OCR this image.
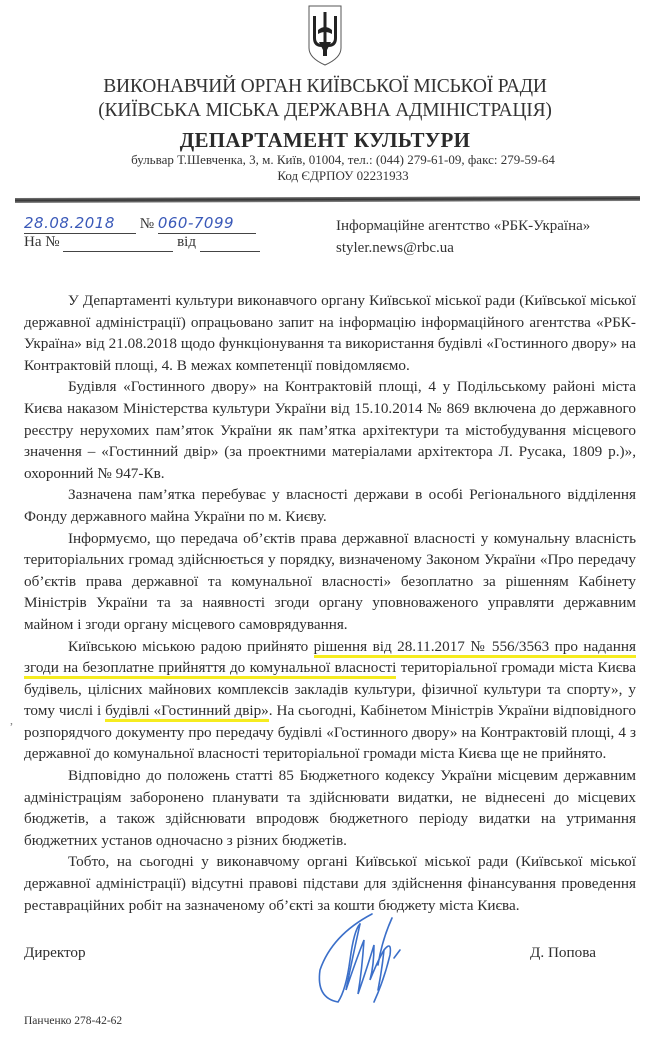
ВИКОНАВЧИЙ ОРГАН КИЇВСЬКОЇ МІСЬКОЇ РАДИ
(КИЇВСЬКА МІСЬКА ДЕРЖАВНА АДМІНІСТРАЦІЯ)
ДЕПАРТАМЕНТ КУЛЬТУРИ
бульвар Т.Шевченка, 3, м. Київ, 01004, тел.: (044) 279-61-09, факс: 279-59-64
Код ЄДРПОУ 02231933
28.08.2018 № 060-7099
На №	від
Інформаційне агентство «РБК-Україна»
styler.news@rbc.ua

У Департаменті культури виконавчого органу Київської міської ради (Київської міської державної адміністрації) опрацьовано запит на інформацію інформаційного агентства «РБК-Україна» від 21.08.2018 щодо функціонування та використання будівлі «Гостинного двору» на Контрактовій площі, 4. В межах компетенції повідомляємо.

Будівля «Гостинного двору» на Контрактовій площі, 4 у Подільському районі міста Києва наказом Міністерства культури України від 15.10.2014 № 869 включена до державного реєстру нерухомих пам’яток України як пам’ятка архітектури та містобудування місцевого значення – «Гостинний двір» (за проектними матеріалами архітектора Л. Русака, 1809 р.)», охоронний № 947-Кв.

Зазначена пам’ятка перебуває у власності держави в особі Регіонального відділення Фонду державного майна України по м. Києву.

Інформуємо, що передача об’єктів права державної власності у комунальну власність територіальних громад здійснюється у порядку, визначеному Законом України «Про передачу об’єктів права державної та комунальної власності» безоплатно за рішенням Кабінету Міністрів України та за наявності згоди органу уповноваженого управляти державним майном і згоди органу місцевого самоврядування.

Київською міською радою прийнято рішення від 28.11.2017 № 556/3563 про надання згоди на безоплатне прийняття до комунальної власності територіальної громади міста Києва будівель, цілісних майнових комплексів закладів культури, фізичної культури та спорту», у тому числі і будівлі «Гостинний двір». На сьогодні, Кабінетом Міністрів України відповідного розпорядчого документу про передачу будівлі «Гостинного двору» на Контрактовій площі, 4 з державної до комунальної власності територіальної громади міста Києва ще не прийнято.

Відповідно до положень статті 85 Бюджетного кодексу України місцевим державним адміністраціям заборонено планувати та здійснювати видатки, не віднесені до місцевих бюджетів, а також здійснювати впродовж бюджетного періоду видатки на утримання бюджетних установ одночасно з різних бюджетів.

Тобто, на сьогодні у виконавчому органі Київської міської ради (Київської міської державної адміністрації) відсутні правові підстави для здійснення фінансування проведення реставраційних робіт на зазначеному об’єкті за кошти бюджету міста Києва.

,
Директор	Д. Попова
Панченко 278-42-62
